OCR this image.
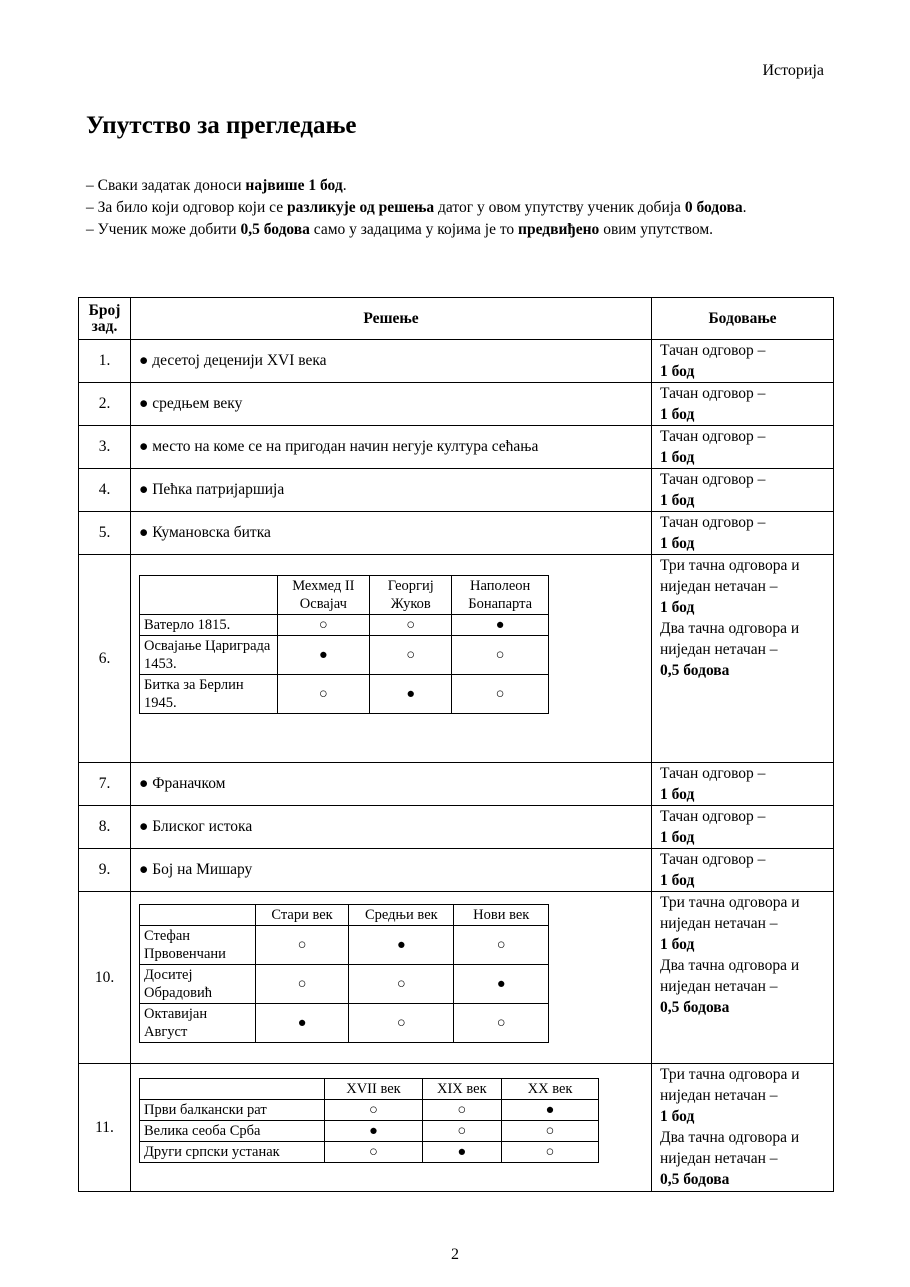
Историја
Упутство за прегледање

– Сваки задатак доноси највише 1 бод.

– За било који одговор који се разликује од решења датог у овом упутству ученик добија 0 бодова.

– Ученик може добити 0,5 бодова само у задацима у којима је то предвиђено овим упутством.

Број зад.	Решење	Бодовање
1.	● десетој деценији XVI века	
Тачан одговор –
1 бод

2.	● средњем веку	
Тачан одговор –
1 бод

3.	● место на коме се на пригодан начин негује култура сећања	
Тачан одговор –
1 бод

4.	● Пећка патријаршија	
Тачан одговор –
1 бод

5.	● Кумановска битка	
Тачан одговор –
1 бод

6.	
	Мехмед II Освајач	Георгиј Жуков	Наполеон Бонапарта
Ватерло 1815.	○	○	●
Освајање Цариграда 1453.	●	○	○
Битка за Берлин 1945.	○	●	○

Три тачна одговора и ниједан нетачан –
1 бод
Два тачна одговора и ниједан нетачан –
0,5 бодова

7.	● Франачком	
Тачан одговор –
1 бод

8.	● Блиског истока	
Тачан одговор –
1 бод

9.	● Бој на Мишару	
Тачан одговор –
1 бод

10.	
	Стари век	Средњи век	Нови век
Стефан Првовенчани	○	●	○
Доситеј Обрадовић	○	○	●
Октавијан Август	●	○	○

Три тачна одговора и ниједан нетачан –
1 бод
Два тачна одговора и ниједан нетачан –
0,5 бодова

11.	
	XVII век	XIX век	XX век
Први балкански рат	○	○	●
Велика сеоба Срба	●	○	○
Други српски устанак	○	●	○

Три тачна одговора и ниједан нетачан –
1 бод
Два тачна одговора и ниједан нетачан –
0,5 бодова
2
